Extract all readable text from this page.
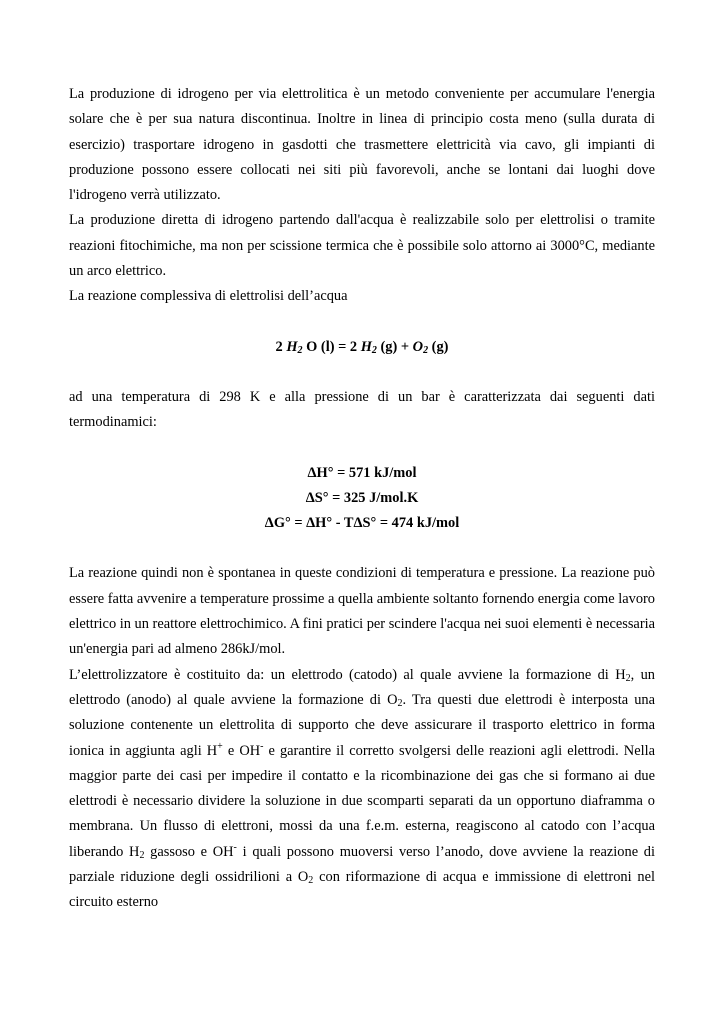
La produzione di idrogeno per via elettrolitica è un metodo conveniente per accumulare l'energia solare che è per sua natura discontinua. Inoltre in linea di principio costa meno (sulla durata di esercizio) trasportare idrogeno in gasdotti che trasmettere elettricità via cavo, gli impianti di produzione possono essere collocati nei siti più favorevoli, anche se lontani dai luoghi dove l'idrogeno verrà utilizzato.

La produzione diretta di idrogeno partendo dall'acqua è realizzabile solo per elettrolisi o tramite reazioni fitochimiche, ma non per scissione termica che è possibile solo attorno ai 3000°C, mediante un arco elettrico.

La reazione complessiva di elettrolisi dell’acqua

2 $H_2$ O (l) = 2 $H_2$ $(g) + O_2$ (g)

ad una temperatura di 298 K e alla pressione di un bar è caratterizzata dai seguenti dati termodinamici:

ΔH° = 571 kJ/mol
ΔS° = 325 J/mol.K
ΔG° = ΔH° - TΔS° = 474 kJ/mol

La reazione quindi non è spontanea in queste condizioni di temperatura e pressione. La reazione può essere fatta avvenire a temperature prossime a quella ambiente soltanto fornendo energia come lavoro elettrico in un reattore elettrochimico. A fini pratici per scindere l'acqua nei suoi elementi è necessaria un'energia pari ad almeno 286kJ/mol.

L’elettrolizzatore è costituito da: un elettrodo (catodo) al quale avviene la formazione di $H_2$, un elettrodo (anodo) al quale avviene la formazione di $O_2$. Tra questi due elettrodi è interposta una soluzione contenente un elettrolita di supporto che deve assicurare il trasporto elettrico in forma ionica in aggiunta agli H+ e OH- e garantire il corretto svolgersi delle reazioni agli elettrodi. Nella maggior parte dei casi per impedire il contatto e la ricombinazione dei gas che si formano ai due elettrodi è necessario dividere la soluzione in due scomparti separati da un opportuno diaframma o membrana. Un flusso di elettroni, mossi da una f.e.m. esterna, reagiscono al catodo con l’acqua liberando $H_2$ gassoso e OH- i quali possono muoversi verso l’anodo, dove avviene la reazione di parziale riduzione degli ossidrilioni a $O_2$ con riformazione di acqua e immissione di elettroni nel circuito esterno
